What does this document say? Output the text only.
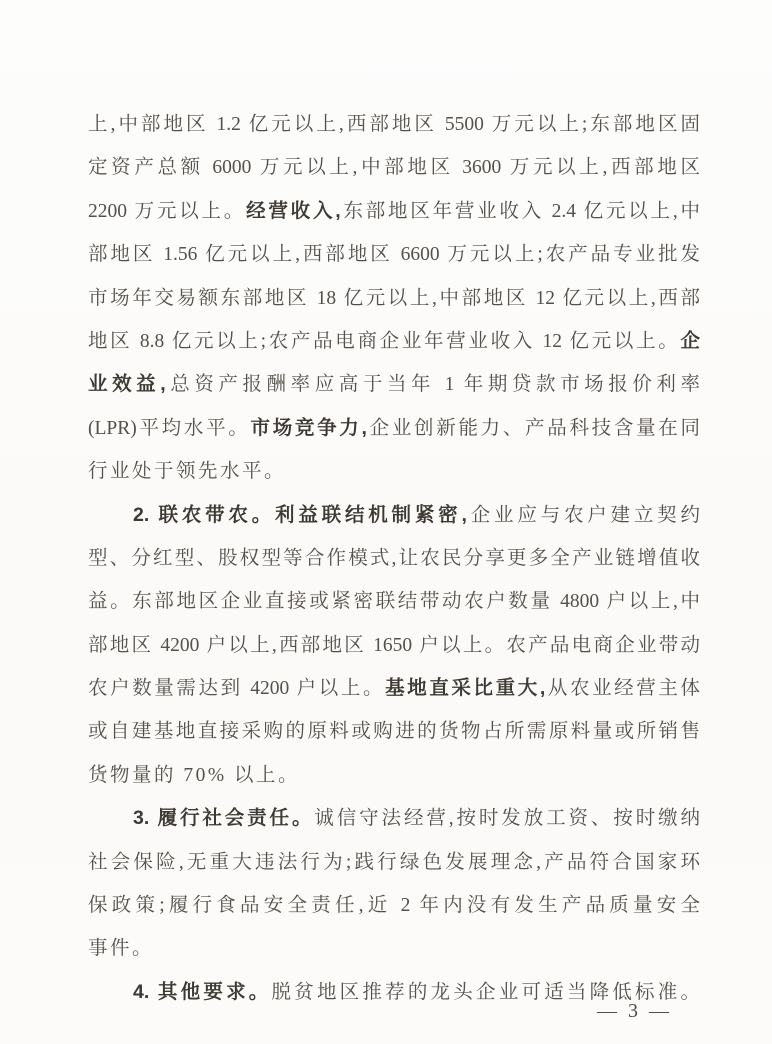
上,中部地区 1.2 亿元以上,西部地区 5500 万元以上;东部地区固
定资产总额 6000 万元以上,中部地区 3600 万元以上,西部地区
2200 万元以上。经营收入,东部地区年营业收入 2.4 亿元以上,中
部地区 1.56 亿元以上,西部地区 6600 万元以上;农产品专业批发
市场年交易额东部地区 18 亿元以上,中部地区 12 亿元以上,西部
地区 8.8 亿元以上;农产品电商企业年营业收入 12 亿元以上。企
业效益,总资产报酬率应高于当年 1 年期贷款市场报价利率
(LPR)平均水平。市场竞争力,企业创新能力、产品科技含量在同
行业处于领先水平。
2. 联农带农。利益联结机制紧密,企业应与农户建立契约
型、分红型、股权型等合作模式,让农民分享更多全产业链增值收
益。东部地区企业直接或紧密联结带动农户数量 4800 户以上,中
部地区 4200 户以上,西部地区 1650 户以上。农产品电商企业带动
农户数量需达到 4200 户以上。基地直采比重大,从农业经营主体
或自建基地直接采购的原料或购进的货物占所需原料量或所销售
货物量的 70% 以上。
3. 履行社会责任。诚信守法经营,按时发放工资、按时缴纳
社会保险,无重大违法行为;践行绿色发展理念,产品符合国家环
保政策;履行食品安全责任,近 2 年内没有发生产品质量安全
事件。
4. 其他要求。脱贫地区推荐的龙头企业可适当降低标准。
— 3 —
